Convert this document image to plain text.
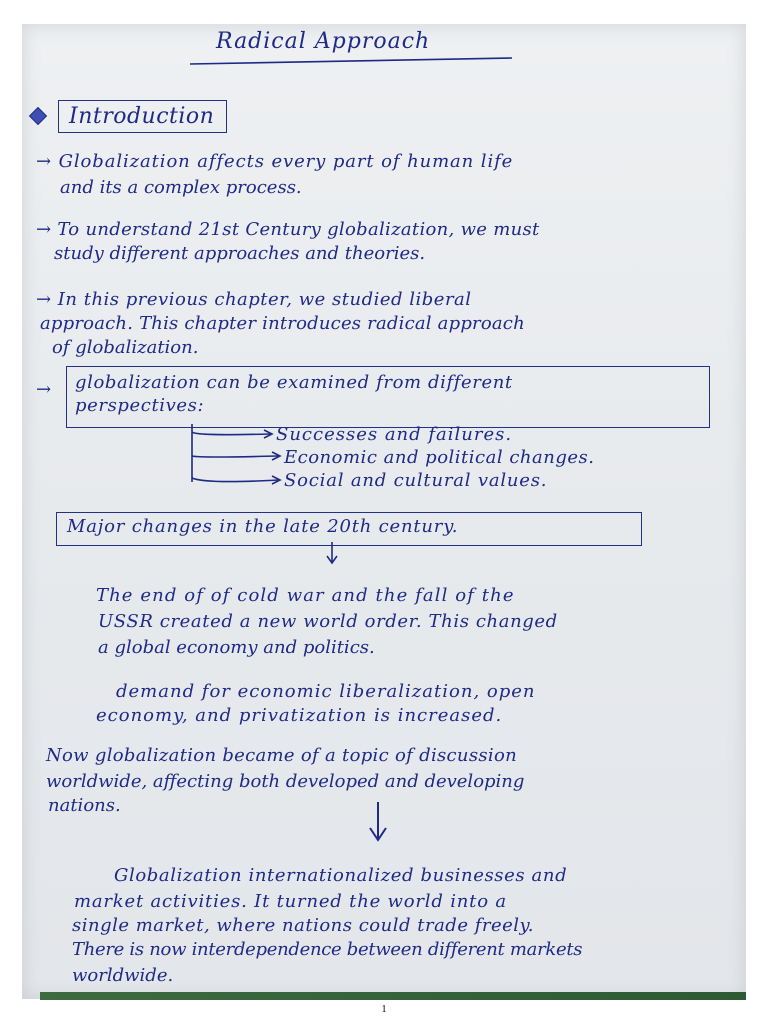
Radical Approach
Introduction
→ Globalization affects every part of human life
and its a complex process.
→ To understand 21st Century globalization, we must
study different approaches and theories.
→ In this previous chapter, we studied liberal
approach. This chapter introduces radical approach
of globalization.
→ globalization can be examined from different
perspectives:
Successes and failures.
Economic and political changes.
Social and cultural values.
Major changes in the late 20th century.
The end of of cold war and the fall of the
USSR created a new world order. This changed
a global economy and politics.
demand for economic liberalization, open
economy, and privatization is increased.
Now globalization became of a topic of discussion
worldwide, affecting both developed and developing
nations.
Globalization internationalized businesses and
market activities. It turned the world into a
single market, where nations could trade freely.
There is now interdependence between different markets
worldwide.
1
